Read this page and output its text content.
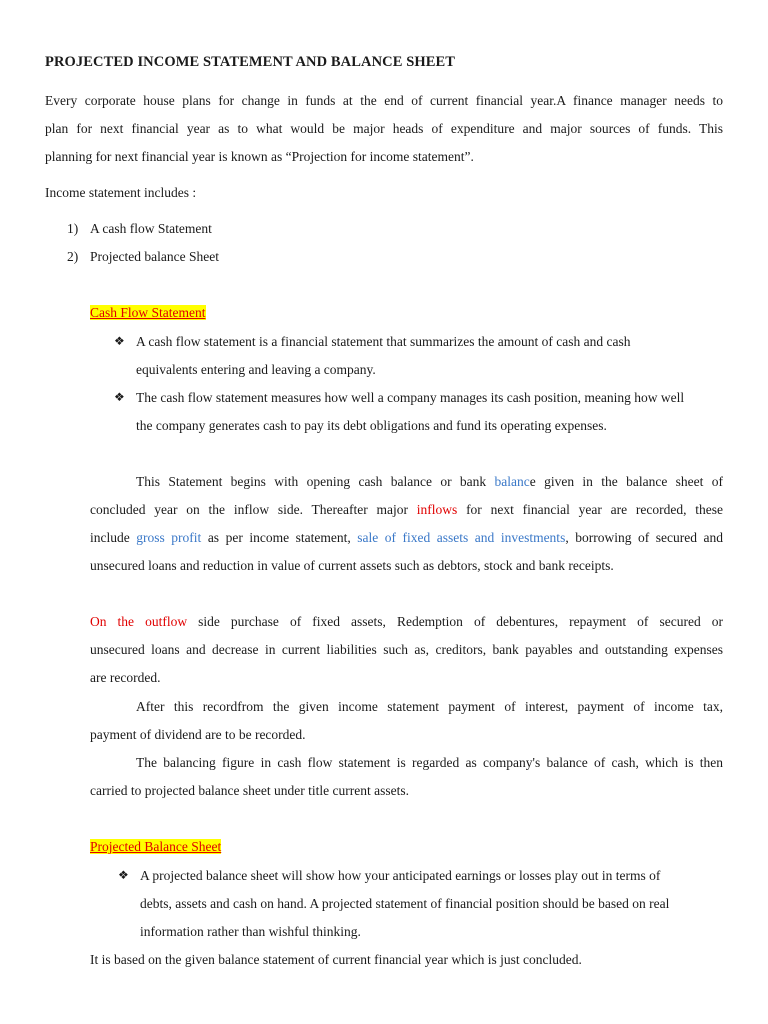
PROJECTED INCOME STATEMENT AND BALANCE SHEET
Every corporate house plans for change in funds at the end of current financial year.A finance manager needs to
plan for next financial year as to what would be major heads of expenditure and major sources of funds. This
planning for next financial year is known as “Projection for income statement”.
Income statement includes :
1) A cash flow Statement
2) Projected balance Sheet
Cash Flow Statement
❖ A cash flow statement is a financial statement that summarizes the amount of cash and cash
equivalents entering and leaving a company.
❖ The cash flow statement measures how well a company manages its cash position, meaning how well
the company generates cash to pay its debt obligations and fund its operating expenses.
This Statement begins with opening cash balance or bank balance given in the balance sheet of
concluded year on the inflow side. Thereafter major inflows for next financial year are recorded, these
include gross profit as per income statement, sale of fixed assets and investments, borrowing of secured and
unsecured loans and reduction in value of current assets such as debtors, stock and bank receipts.
On the outflow side purchase of fixed assets, Redemption of debentures, repayment of secured or
unsecured loans and decrease in current liabilities such as, creditors, bank payables and outstanding expenses
are recorded.
After this recordfrom the given income statement payment of interest, payment of income tax,
payment of dividend are to be recorded.
The balancing figure in cash flow statement is regarded as company's balance of cash, which is then
carried to projected balance sheet under title current assets.
Projected Balance Sheet
❖ A projected balance sheet will show how your anticipated earnings or losses play out in terms of
debts, assets and cash on hand. A projected statement of financial position should be based on real
information rather than wishful thinking.
It is based on the given balance statement of current financial year which is just concluded.
